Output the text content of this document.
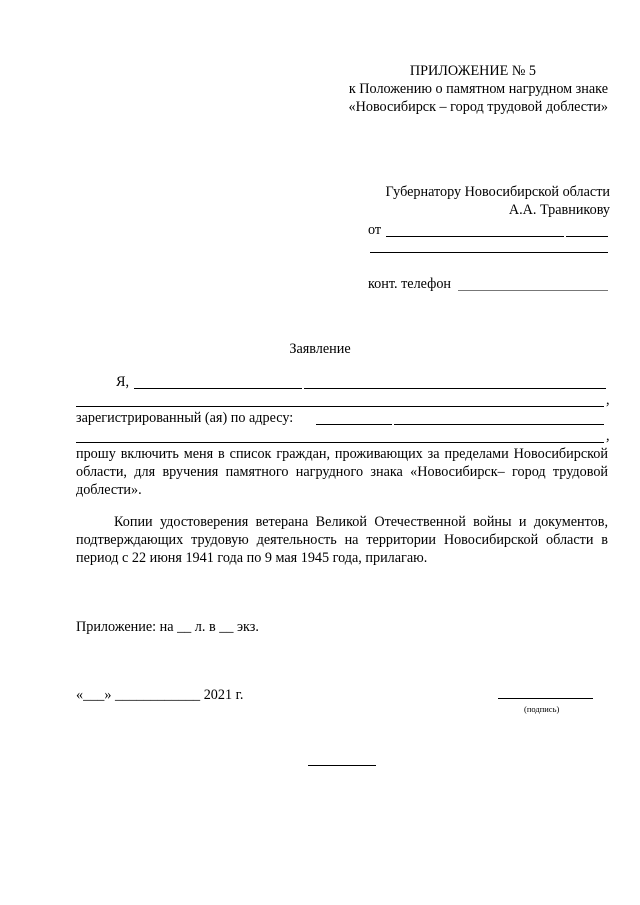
ПРИЛОЖЕНИЕ № 5
к Положению о памятном нагрудном знаке
«Новосибирск – город трудовой доблести»
Губернатору Новосибирской области
А.А. Травникову
от
конт. телефон
Заявление
Я,
,
зарегистрированный (ая) по адресу:
,

прошу включить меня в список граждан, проживающих за пределами Новосибирской области, для вручения памятного нагрудного знака «Новосибирск– город трудовой доблести».

Копии удостоверения ветерана Великой Отечественной войны и документов, подтверждающих трудовую деятельность на территории Новосибирской области в период с 22 июня 1941 года по 9 мая 1945 года, прилагаю.

Приложение: на __ л. в __ экз.
«___» ____________ 2021 г.
(подпись)
